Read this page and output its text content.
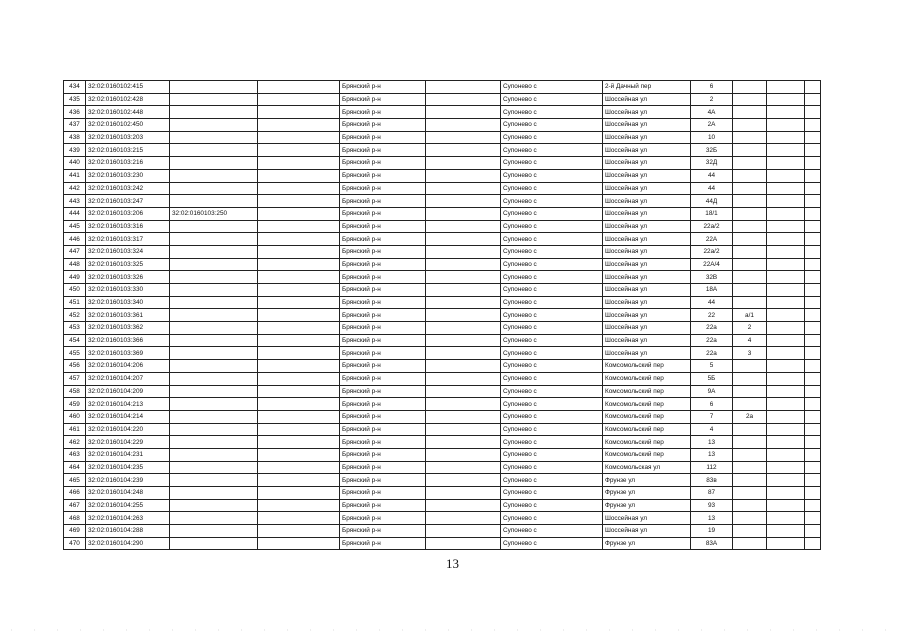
434	32:02:0160102:415			Брянский р-н		Супонево с	2-й Дачный пер	6			
435	32:02:0160102:428			Брянский р-н		Супонево с	Шоссейная ул	2			
436	32:02:0160102:448			Брянский р-н		Супонево с	Шоссейная ул	4А			
437	32:02:0160102:450			Брянский р-н		Супонево с	Шоссейная ул	2А			
438	32:02:0160103:203			Брянский р-н		Супонево с	Шоссейная ул	10			
439	32:02:0160103:215			Брянский р-н		Супонево с	Шоссейная ул	32Б			
440	32:02:0160103:216			Брянский р-н		Супонево с	Шоссейная ул	32Д			
441	32:02:0160103:230			Брянский р-н		Супонево с	Шоссейная ул	44			
442	32:02:0160103:242			Брянский р-н		Супонево с	Шоссейная ул	44			
443	32:02:0160103:247			Брянский р-н		Супонево с	Шоссейная ул	44Д			
444	32:02:0160103:206	32:02:0160103:250		Брянский р-н		Супонево с	Шоссейная ул	18/1			
445	32:02:0160103:316			Брянский р-н		Супонево с	Шоссейная ул	22а/2			
446	32:02:0160103:317			Брянский р-н		Супонево с	Шоссейная ул	22А			
447	32:02:0160103:324			Брянский р-н		Супонево с	Шоссейная ул	22а/2			
448	32:02:0160103:325			Брянский р-н		Супонево с	Шоссейная ул	22А/4			
449	32:02:0160103:326			Брянский р-н		Супонево с	Шоссейная ул	32В			
450	32:02:0160103:330			Брянский р-н		Супонево с	Шоссейная ул	18А			
451	32:02:0160103:340			Брянский р-н		Супонево с	Шоссейная ул	44			
452	32:02:0160103:361			Брянский р-н		Супонево с	Шоссейная ул	22	а/1		
453	32:02:0160103:362			Брянский р-н		Супонево с	Шоссейная ул	22а	2		
454	32:02:0160103:366			Брянский р-н		Супонево с	Шоссейная ул	22а	4		
455	32:02:0160103:369			Брянский р-н		Супонево с	Шоссейная ул	22а	3		
456	32:02:0160104:206			Брянский р-н		Супонево с	Комсомольский пер	5			
457	32:02:0160104:207			Брянский р-н		Супонево с	Комсомольский пер	5Б			
458	32:02:0160104:209			Брянский р-н		Супонево с	Комсомольский пер	9А			
459	32:02:0160104:213			Брянский р-н		Супонево с	Комсомольский пер	6			
460	32:02:0160104:214			Брянский р-н		Супонево с	Комсомольский пер	7	2а		
461	32:02:0160104:220			Брянский р-н		Супонево с	Комсомольский пер	4			
462	32:02:0160104:229			Брянский р-н		Супонево с	Комсомольский пер	13			
463	32:02:0160104:231			Брянский р-н		Супонево с	Комсомольский пер	13			
464	32:02:0160104:235			Брянский р-н		Супонево с	Комсомольская ул	112			
465	32:02:0160104:239			Брянский р-н		Супонево с	Фрунзе ул	83в			
466	32:02:0160104:248			Брянский р-н		Супонево с	Фрунзе ул	87			
467	32:02:0160104:255			Брянский р-н		Супонево с	Фрунзе ул	93			
468	32:02:0160104:263			Брянский р-н		Супонево с	Шоссейная ул	13			
469	32:02:0160104:288			Брянский р-н		Супонево с	Шоссейная ул	19			
470	32:02:0160104:290			Брянский р-н		Супонево с	Фрунзе ул	83А			
13
